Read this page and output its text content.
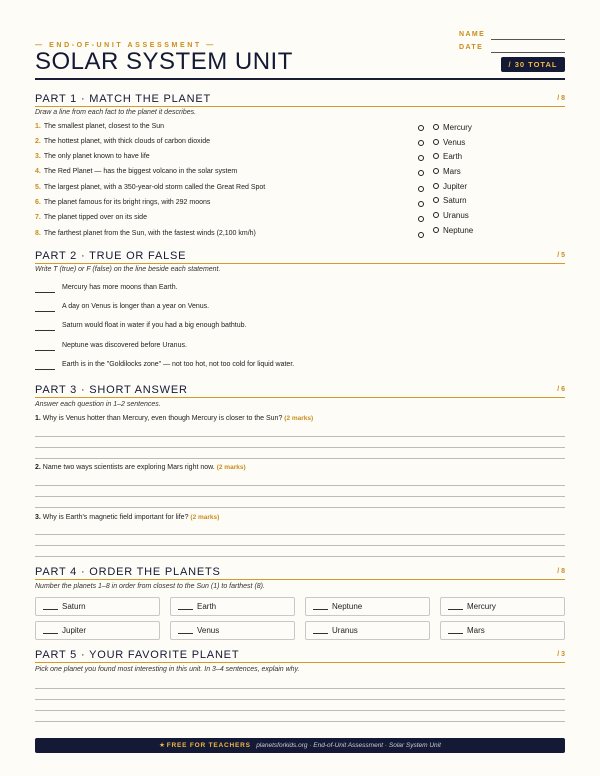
— END-OF-UNIT ASSESSMENT —
SOLAR SYSTEM UNIT
NAME
DATE
/ 30 TOTAL
PART 1 · MATCH THE PLANET	/ 8
Draw a line from each fact to the planet it describes.
1. The smallest planet, closest to the Sun
2. The hottest planet, with thick clouds of carbon dioxide
3. The only planet known to have life
4. The Red Planet — has the biggest volcano in the solar system
5. The largest planet, with a 350-year-old storm called the Great Red Spot
6. The planet famous for its bright rings, with 292 moons
7. The planet tipped over on its side
8. The farthest planet from the Sun, with the fastest winds (2,100 km/h)
Mercury
Venus
Earth
Mars
Jupiter
Saturn
Uranus
Neptune
PART 2 · TRUE OR FALSE	/ 5
Write T (true) or F (false) on the line beside each statement.
Mercury has more moons than Earth.
A day on Venus is longer than a year on Venus.
Saturn would float in water if you had a big enough bathtub.
Neptune was discovered before Uranus.
Earth is in the "Goldilocks zone" — not too hot, not too cold for liquid water.
PART 3 · SHORT ANSWER	/ 6
Answer each question in 1–2 sentences.
1. Why is Venus hotter than Mercury, even though Mercury is closer to the Sun? (2 marks)
2. Name two ways scientists are exploring Mars right now. (2 marks)
3. Why is Earth's magnetic field important for life? (2 marks)
PART 4 · ORDER THE PLANETS	/ 8
Number the planets 1–8 in order from closest to the Sun (1) to farthest (8).
Saturn	Earth	Neptune	Mercury
Jupiter	Venus	Uranus	Mars
PART 5 · YOUR FAVORITE PLANET	/ 3
Pick one planet you found most interesting in this unit. In 3–4 sentences, explain why.
★ FREE FOR TEACHERS planetsforkids.org · End-of-Unit Assessment · Solar System Unit
